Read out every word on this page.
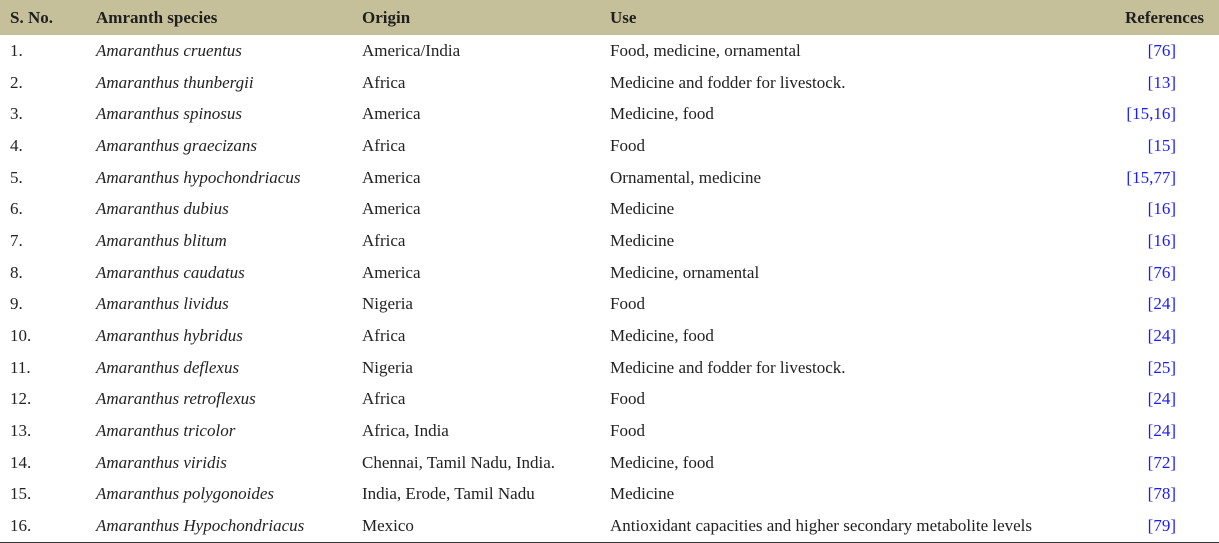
S. No.	Amranth species	Origin	Use	References
1.	Amaranthus cruentus	America/India	Food, medicine, ornamental	[76]
2.	Amaranthus thunbergii	Africa	Medicine and fodder for livestock.	[13]
3.	Amaranthus spinosus	America	Medicine, food	[15,16]
4.	Amaranthus graecizans	Africa	Food	[15]
5.	Amaranthus hypochondriacus	America	Ornamental, medicine	[15,77]
6.	Amaranthus dubius	America	Medicine	[16]
7.	Amaranthus blitum	Africa	Medicine	[16]
8.	Amaranthus caudatus	America	Medicine, ornamental	[76]
9.	Amaranthus lividus	Nigeria	Food	[24]
10.	Amaranthus hybridus	Africa	Medicine, food	[24]
11.	Amaranthus deflexus	Nigeria	Medicine and fodder for livestock.	[25]
12.	Amaranthus retroflexus	Africa	Food	[24]
13.	Amaranthus tricolor	Africa, India	Food	[24]
14.	Amaranthus viridis	Chennai, Tamil Nadu, India.	Medicine, food	[72]
15.	Amaranthus polygonoides	India, Erode, Tamil Nadu	Medicine	[78]
16.	Amaranthus Hypochondriacus	Mexico	Antioxidant capacities and higher secondary metabolite levels	[79]
